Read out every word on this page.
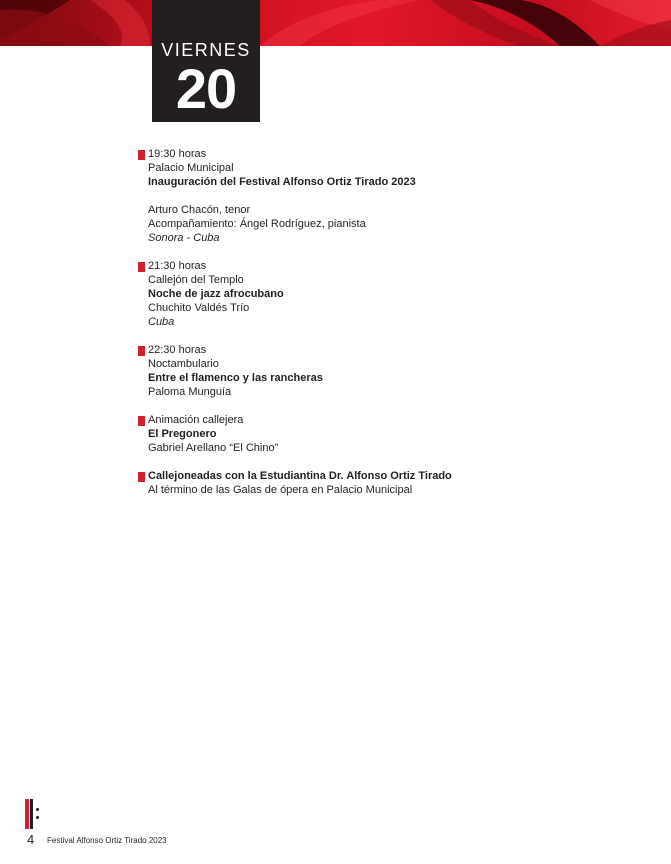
VIERNES
20
19:30 horas
Palacio Municipal
Inauguración del Festival Alfonso Ortiz Tirado 2023
Arturo Chacón, tenor
Acompañamiento: Ángel Rodríguez, pianista
Sonora - Cuba
21:30 horas
Callejón del Templo
Noche de jazz afrocubano
Chuchito Valdés Trío
Cuba
22:30 horas
Noctambulario
Entre el flamenco y las rancheras
Paloma Munguía
Animación callejera
El Pregonero
Gabriel Arellano “El Chino”
Callejoneadas con la Estudiantina Dr. Alfonso Ortiz Tirado
Al término de las Galas de ópera en Palacio Municipal
4 Festival Alfonso Ortiz Tirado 2023
